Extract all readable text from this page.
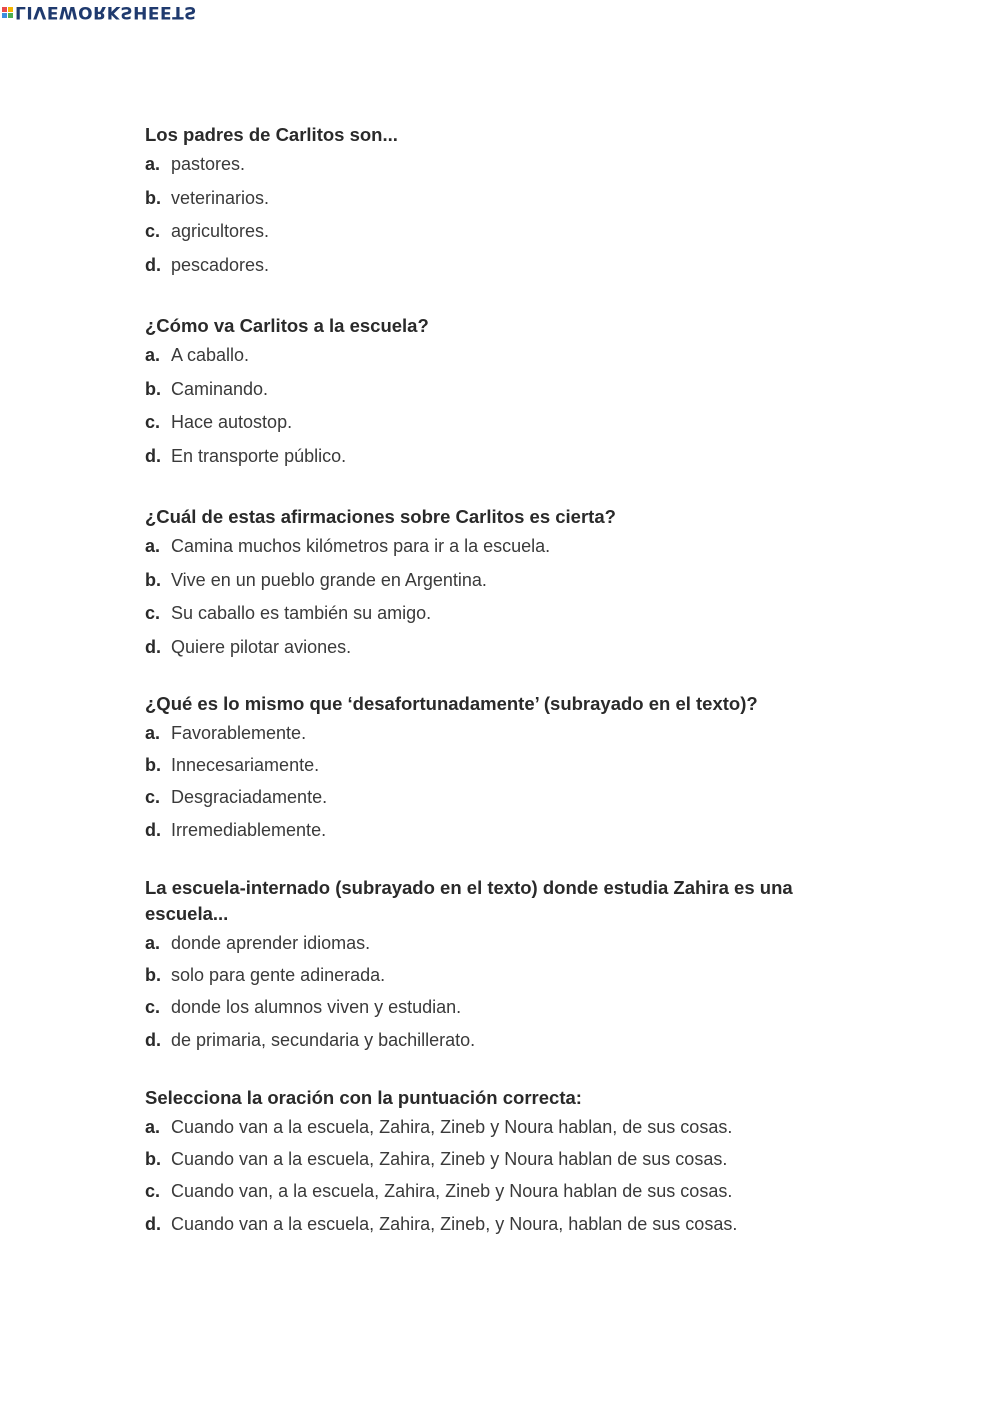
LIVEWORKSHEETS

Los padres de Carlitos son...

a. pastores.
b. veterinarios.
c. agricultores.
d. pescadores.

¿Cómo va Carlitos a la escuela?

a. A caballo.
b. Caminando.
c. Hace autostop.
d. En transporte público.

¿Cuál de estas afirmaciones sobre Carlitos es cierta?

a. Camina muchos kilómetros para ir a la escuela.
b. Vive en un pueblo grande en Argentina.
c. Su caballo es también su amigo.
d. Quiere pilotar aviones.

¿Qué es lo mismo que ‘desafortunadamente’ (subrayado en el texto)?

a. Favorablemente.
b. Innecesariamente.
c. Desgraciadamente.
d. Irremediablemente.

La escuela-internado (subrayado en el texto) donde estudia Zahira es una escuela...

a. donde aprender idiomas.
b. solo para gente adinerada.
c. donde los alumnos viven y estudian.
d. de primaria, secundaria y bachillerato.

Selecciona la oración con la puntuación correcta:

a. Cuando van a la escuela, Zahira, Zineb y Noura hablan, de sus cosas.
b. Cuando van a la escuela, Zahira, Zineb y Noura hablan de sus cosas.
c. Cuando van, a la escuela, Zahira, Zineb y Noura hablan de sus cosas.
d. Cuando van a la escuela, Zahira, Zineb, y Noura, hablan de sus cosas.
